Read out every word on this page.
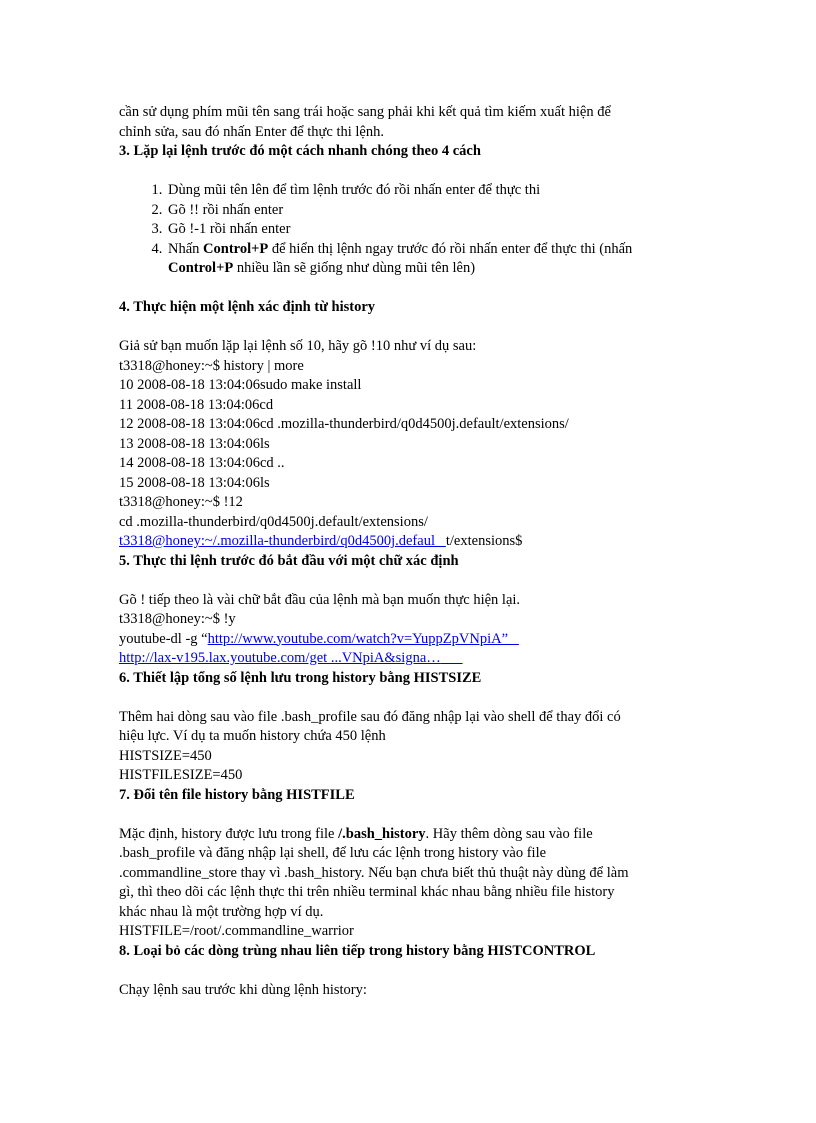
cần sử dụng phím mũi tên sang trái hoặc sang phải khi kết quả tìm kiếm xuất hiện để

chỉnh sửa, sau đó nhấn Enter để thực thi lệnh.

3. Lặp lại lệnh trước đó một cách nhanh chóng theo 4 cách

1. Dùng mũi tên lên để tìm lệnh trước đó rồi nhấn enter để thực thi
2. Gõ !! rồi nhấn enter
3. Gõ !-1 rồi nhấn enter
4. Nhấn Control+P để hiển thị lệnh ngay trước đó rồi nhấn enter để thực thi (nhấn Control+P nhiều lần sẽ giống như dùng mũi tên lên)

4. Thực hiện một lệnh xác định từ history

Giả sử bạn muốn lặp lại lệnh số 10, hãy gõ !10 như ví dụ sau:

t3318@honey:~$ history | more

10 2008-08-18 13:04:06sudo make install

11 2008-08-18 13:04:06cd

12 2008-08-18 13:04:06cd .mozilla-thunderbird/q0d4500j.default/extensions/

13 2008-08-18 13:04:06ls

14 2008-08-18 13:04:06cd ..

15 2008-08-18 13:04:06ls

t3318@honey:~$ !12

cd .mozilla-thunderbird/q0d4500j.default/extensions/

t3318@honey:~/.mozilla-thunderbird/q0d4500j.defaul t/extensions$

5. Thực thi lệnh trước đó bắt đầu với một chữ xác định

Gõ ! tiếp theo là vài chữ bắt đầu của lệnh mà bạn muốn thực hiện lại.

t3318@honey:~$ !y

youtube-dl -g “http://www.youtube.com/watch?v=YuppZpVNpiA”

http://lax-v195.lax.youtube.com/get ...VNpiA&signa…

6. Thiết lập tổng số lệnh lưu trong history bằng HISTSIZE

Thêm hai dòng sau vào file .bash_profile sau đó đăng nhập lại vào shell để thay đổi có

hiệu lực. Ví dụ ta muốn history chứa 450 lệnh

HISTSIZE=450

HISTFILESIZE=450

7. Đổi tên file history bằng HISTFILE

Mặc định, history được lưu trong file /.bash_history. Hãy thêm dòng sau vào file

.bash_profile và đăng nhập lại shell, để lưu các lệnh trong history vào file

.commandline_store thay vì .bash_history. Nếu bạn chưa biết thủ thuật này dùng để làm

gì, thì theo dõi các lệnh thực thi trên nhiều terminal khác nhau bằng nhiều file history

khác nhau là một trường hợp ví dụ.

HISTFILE=/root/.commandline_warrior

8. Loại bỏ các dòng trùng nhau liên tiếp trong history bằng HISTCONTROL

Chạy lệnh sau trước khi dùng lệnh history:
